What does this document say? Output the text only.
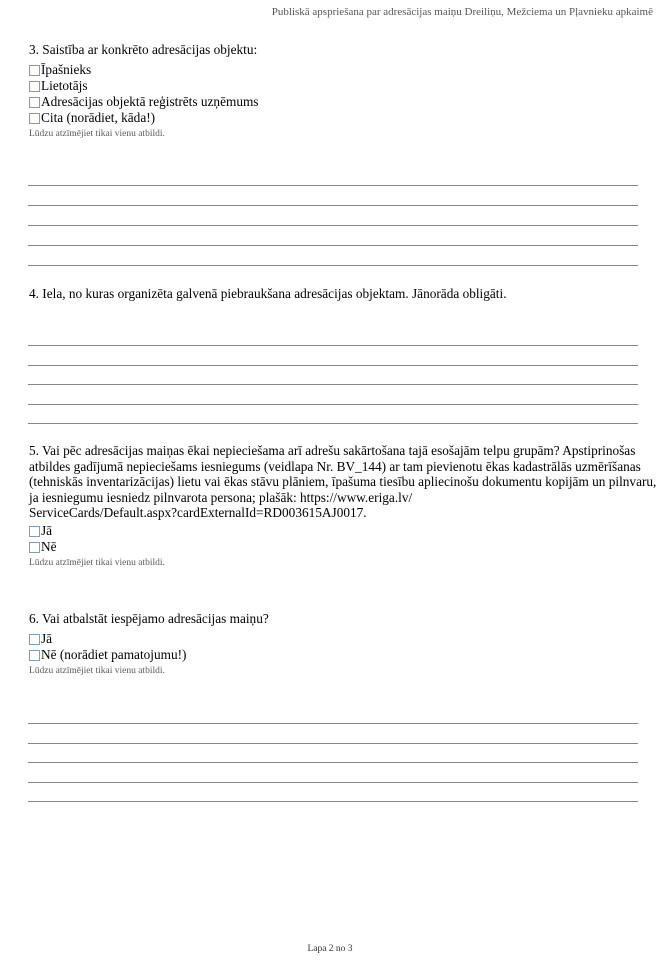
Publiskā apspriešana par adresācijas maiņu Dreiliņu, Mežciema un Pļavnieku apkaimē
3. Saistība ar konkrēto adresācijas objektu:
Īpašnieks
Lietotājs
Adresācijas objektā reģistrēts uzņēmums
Cita (norādiet, kāda!)
Lūdzu atzīmējiet tikai vienu atbildi.
4. Iela, no kuras organizēta galvenā piebraukšana adresācijas objektam. Jānorāda obligāti.
5. Vai pēc adresācijas maiņas ēkai nepieciešama arī adrešu sakārtošana tajā esošajām telpu grupām? Apstiprinošas
atbildes gadījumā nepieciešams iesniegums (veidlapa Nr. BV_144) ar tam pievienotu ēkas kadastrālās uzmērīšanas
(tehniskās inventarizācijas) lietu vai ēkas stāvu plāniem, īpašuma tiesību apliecinošu dokumentu kopijām un pilnvaru,
ja iesniegumu iesniedz pilnvarota persona; plašāk: https://www.eriga.lv/
ServiceCards/Default.aspx?cardExternalId=RD003615AJ0017.
Jā
Nē
Lūdzu atzīmējiet tikai vienu atbildi.
6. Vai atbalstāt iespējamo adresācijas maiņu?
Jā
Nē (norādiet pamatojumu!)
Lūdzu atzīmējiet tikai vienu atbildi.
Lapa 2 no 3
